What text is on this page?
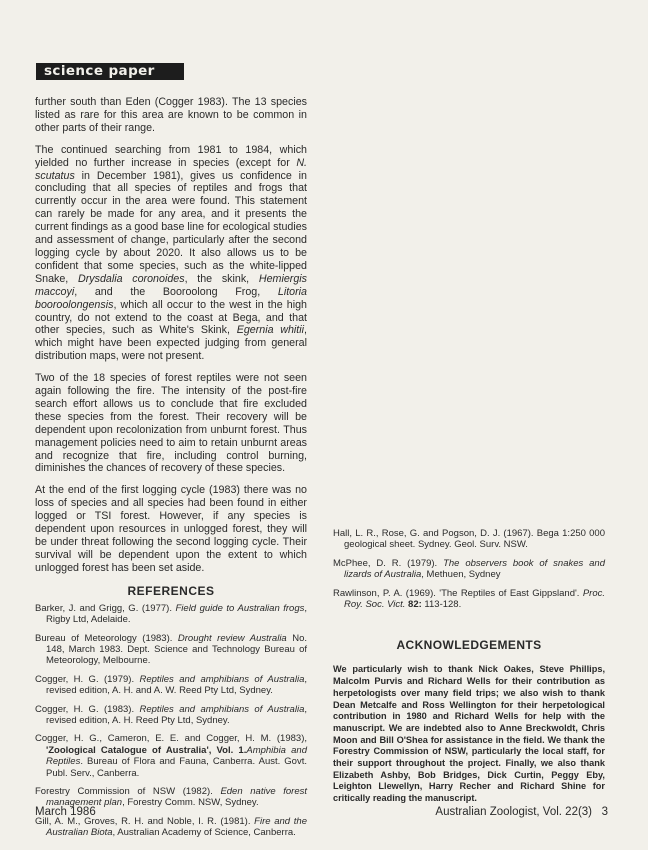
science paper

further south than Eden (Cogger 1983). The 13 species listed as rare for this area are known to be common in other parts of their range.

The continued searching from 1981 to 1984, which yielded no further increase in species (except for N. scutatus in December 1981), gives us confidence in concluding that all species of reptiles and frogs that currently occur in the area were found. This statement can rarely be made for any area, and it presents the current findings as a good base line for ecological studies and assessment of change, particularly after the second logging cycle by about 2020. It also allows us to be confident that some species, such as the white-lipped Snake, Drysdalia coronoides, the skink, Hemiergis maccoyi, and the Booroolong Frog, Litoria booroolongensis, which all occur to the west in the high country, do not extend to the coast at Bega, and that other species, such as White's Skink, Egernia whitii, which might have been expected judging from general distribution maps, were not present.

Two of the 18 species of forest reptiles were not seen again following the fire. The intensity of the post-fire search effort allows us to conclude that fire excluded these species from the forest. Their recovery will be dependent upon recolonization from unburnt forest. Thus management policies need to aim to retain unburnt areas and recognize that fire, including control burning, diminishes the chances of recovery of these species.

At the end of the first logging cycle (1983) there was no loss of species and all species had been found in either logged or TSI forest. However, if any species is dependent upon resources in unlogged forest, they will be under threat following the second logging cycle. Their survival will be dependent upon the extent to which unlogged forest has been set aside.

REFERENCES

Barker, J. and Grigg, G. (1977). Field guide to Australian frogs, Rigby Ltd, Adelaide.

Bureau of Meteorology (1983). Drought review Australia No. 148, March 1983. Dept. Science and Technology Bureau of Meteorology, Melbourne.

Cogger, H. G. (1979). Reptiles and amphibians of Australia, revised edition, A. H. and A. W. Reed Pty Ltd, Sydney.

Cogger, H. G. (1983). Reptiles and amphibians of Australia, revised edition, A. H. Reed Pty Ltd, Sydney.

Cogger, H. G., Cameron, E. E. and Cogger, H. M. (1983), 'Zoological Catalogue of Australia', Vol. 1.Amphibia and Reptiles. Bureau of Flora and Fauna, Canberra. Aust. Govt. Publ. Serv., Canberra.

Forestry Commission of NSW (1982). Eden native forest management plan, Forestry Comm. NSW, Sydney.

Gill, A. M., Groves, R. H. and Noble, I. R. (1981). Fire and the Australian Biota, Australian Academy of Science, Canberra.

Hall, L. R., Rose, G. and Pogson, D. J. (1967). Bega 1:250 000 geological sheet. Sydney. Geol. Surv. NSW.

McPhee, D. R. (1979). The observers book of snakes and lizards of Australia, Methuen, Sydney

Rawlinson, P. A. (1969). 'The Reptiles of East Gippsland'. Proc. Roy. Soc. Vict. 82: 113-128.

ACKNOWLEDGEMENTS

We particularly wish to thank Nick Oakes, Steve Phillips, Malcolm Purvis and Richard Wells for their contribution as herpetologists over many field trips; we also wish to thank Dean Metcalfe and Ross Wellington for their herpetological contribution in 1980 and Richard Wells for help with the manuscript. We are indebted also to Anne Breckwoldt, Chris Moon and Bill O'Shea for assistance in the field. We thank the Forestry Commission of NSW, particularly the local staff, for their support throughout the project. Finally, we also thank Elizabeth Ashby, Bob Bridges, Dick Curtin, Peggy Eby, Leighton Llewellyn, Harry Recher and Richard Shine for critically reading the manuscript.

March 1986	Australian Zoologist, Vol. 22(3)   3
